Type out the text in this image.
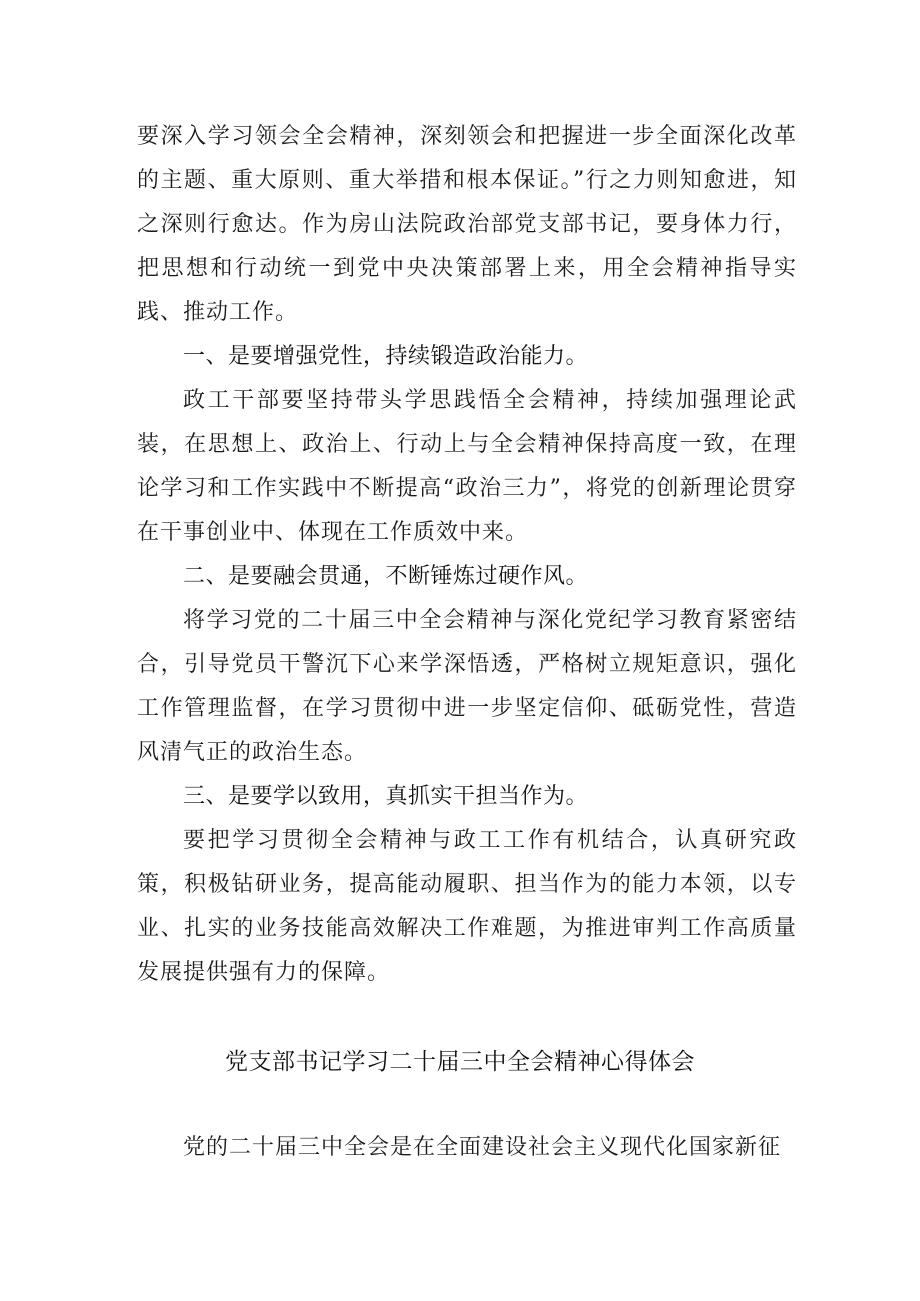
要深入学习领会全会精神，深刻领会和把握进一步全面深化改革的主题、重大原则、重大举措和根本保证。”行之力则知愈进，知之深则行愈达。作为房山法院政治部党支部书记，要身体力行，把思想和行动统一到党中央决策部署上来，用全会精神指导实践、推动工作。

一、是要增强党性，持续锻造政治能力。

政工干部要坚持带头学思践悟全会精神，持续加强理论武装，在思想上、政治上、行动上与全会精神保持高度一致，在理论学习和工作实践中不断提高“政治三力”，将党的创新理论贯穿在干事创业中、体现在工作质效中来。

二、是要融会贯通，不断锤炼过硬作风。

将学习党的二十届三中全会精神与深化党纪学习教育紧密结合，引导党员干警沉下心来学深悟透，严格树立规矩意识，强化工作管理监督，在学习贯彻中进一步坚定信仰、砥砺党性，营造风清气正的政治生态。

三、是要学以致用，真抓实干担当作为。

要把学习贯彻全会精神与政工工作有机结合，认真研究政策，积极钻研业务，提高能动履职、担当作为的能力本领，以专业、扎实的业务技能高效解决工作难题，为推进审判工作高质量发展提供强有力的保障。

党支部书记学习二十届三中全会精神心得体会

党的二十届三中全会是在全面建设社会主义现代化国家新征
